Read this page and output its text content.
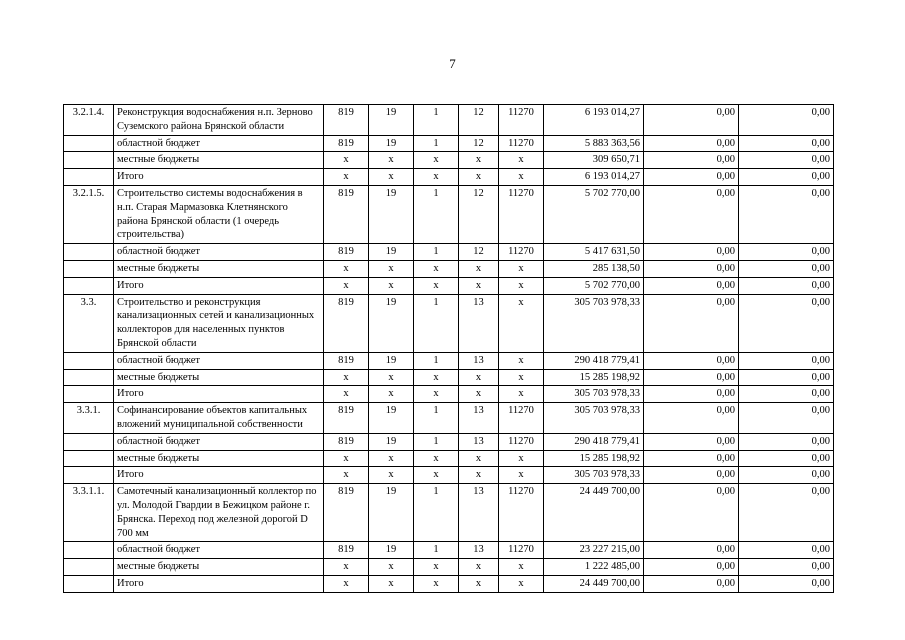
7
3.2.1.4.	Реконструкция водоснабжения н.п. Зерново Суземского района Брянской области	819	19	1	12	11270	6 193 014,27	0,00	0,00
	областной бюджет	819	19	1	12	11270	5 883 363,56	0,00	0,00
	местные бюджеты	x	x	x	x	x	309 650,71	0,00	0,00
	Итого	x	x	x	x	x	6 193 014,27	0,00	0,00
3.2.1.5.	Строительство системы водоснабжения в н.п. Старая Мармазовка Клетнянского района Брянской области (1 очередь строительства)	819	19	1	12	11270	5 702 770,00	0,00	0,00
	областной бюджет	819	19	1	12	11270	5 417 631,50	0,00	0,00
	местные бюджеты	x	x	x	x	x	285 138,50	0,00	0,00
	Итого	x	x	x	x	x	5 702 770,00	0,00	0,00
3.3.	Строительство и реконструкция канализационных сетей и канализационных коллекторов для населенных пунктов Брянской области	819	19	1	13	x	305 703 978,33	0,00	0,00
	областной бюджет	819	19	1	13	x	290 418 779,41	0,00	0,00
	местные бюджеты	x	x	x	x	x	15 285 198,92	0,00	0,00
	Итого	x	x	x	x	x	305 703 978,33	0,00	0,00
3.3.1.	Софинансирование объектов капитальных вложений муниципальной собственности	819	19	1	13	11270	305 703 978,33	0,00	0,00
	областной бюджет	819	19	1	13	11270	290 418 779,41	0,00	0,00
	местные бюджеты	x	x	x	x	x	15 285 198,92	0,00	0,00
	Итого	x	x	x	x	x	305 703 978,33	0,00	0,00
3.3.1.1.	Самотечный канализационный коллектор по ул. Молодой Гвардии в Бежицком районе г. Брянска. Переход под железной дорогой D 700 мм	819	19	1	13	11270	24 449 700,00	0,00	0,00
	областной бюджет	819	19	1	13	11270	23 227 215,00	0,00	0,00
	местные бюджеты	x	x	x	x	x	1 222 485,00	0,00	0,00
	Итого	x	x	x	x	x	24 449 700,00	0,00	0,00
